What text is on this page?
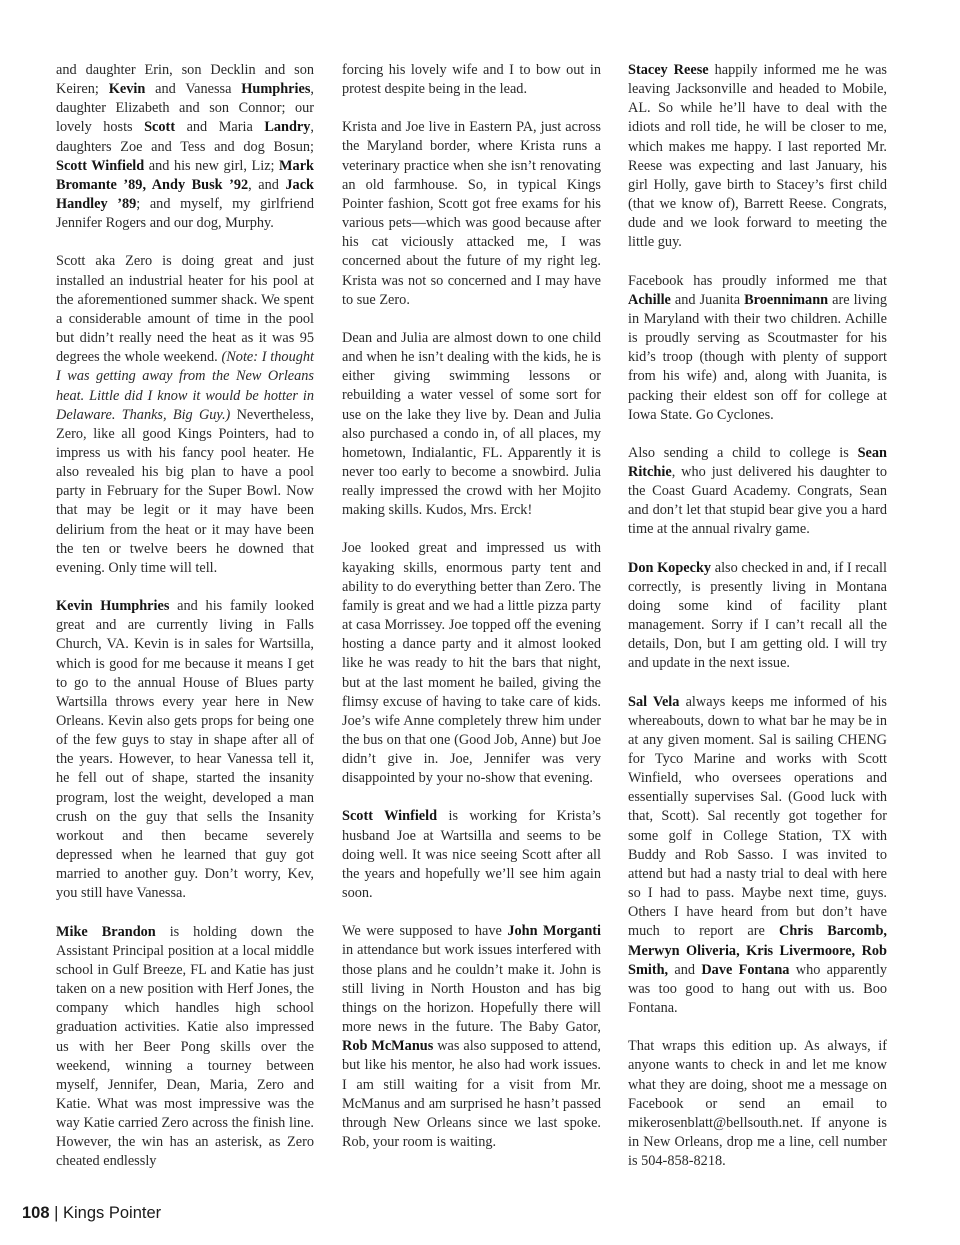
and daughter Erin, son Decklin and son Keiren; Kevin and Vanessa Humphries, daughter Elizabeth and son Connor; our lovely hosts Scott and Maria Landry, daughters Zoe and Tess and dog Bosun; Scott Winfield and his new girl, Liz; Mark Bromante ’89, Andy Busk ’92, and Jack Handley ’89; and myself, my girlfriend Jennifer Rogers and our dog, Murphy.

Scott aka Zero is doing great and just installed an industrial heater for his pool at the aforementioned summer shack. We spent a considerable amount of time in the pool but didn’t really need the heat as it was 95 degrees the whole weekend. (Note: I thought I was getting away from the New Orleans heat. Little did I know it would be hotter in Delaware. Thanks, Big Guy.) Nevertheless, Zero, like all good Kings Pointers, had to impress us with his fancy pool heater. He also revealed his big plan to have a pool party in February for the Super Bowl. Now that may be legit or it may have been delirium from the heat or it may have been the ten or twelve beers he downed that evening. Only time will tell.

Kevin Humphries and his family looked great and are currently living in Falls Church, VA. Kevin is in sales for Wartsilla, which is good for me because it means I get to go to the annual House of Blues party Wartsilla throws every year here in New Orleans. Kevin also gets props for being one of the few guys to stay in shape after all of the years. However, to hear Vanessa tell it, he fell out of shape, started the insanity program, lost the weight, developed a man crush on the guy that sells the Insanity workout and then became severely depressed when he learned that guy got married to another guy. Don’t worry, Kev, you still have Vanessa.

Mike Brandon is holding down the Assistant Principal position at a local middle school in Gulf Breeze, FL and Katie has just taken on a new position with Herf Jones, the company which handles high school graduation activities. Katie also impressed us with her Beer Pong skills over the weekend, winning a tourney between myself, Jennifer, Dean, Maria, Zero and Katie. What was most impressive was the way Katie carried Zero across the finish line. However, the win has an asterisk, as Zero cheated endlessly

forcing his lovely wife and I to bow out in protest despite being in the lead.

Krista and Joe live in Eastern PA, just across the Maryland border, where Krista runs a veterinary practice when she isn’t renovating an old farmhouse. So, in typical Kings Pointer fashion, Scott got free exams for his various pets—which was good because after his cat viciously attacked me, I was concerned about the future of my right leg. Krista was not so concerned and I may have to sue Zero.

Dean and Julia are almost down to one child and when he isn’t dealing with the kids, he is either giving swimming lessons or rebuilding a water vessel of some sort for use on the lake they live by. Dean and Julia also purchased a condo in, of all places, my hometown, Indialantic, FL. Apparently it is never too early to become a snowbird. Julia really impressed the crowd with her Mojito making skills. Kudos, Mrs. Erck!

Joe looked great and impressed us with kayaking skills, enormous party tent and ability to do everything better than Zero. The family is great and we had a little pizza party at casa Morrissey. Joe topped off the evening hosting a dance party and it almost looked like he was ready to hit the bars that night, but at the last moment he bailed, giving the flimsy excuse of having to take care of kids. Joe’s wife Anne completely threw him under the bus on that one (Good Job, Anne) but Joe didn’t give in. Joe, Jennifer was very disappointed by your no-show that evening.

Scott Winfield is working for Krista’s husband Joe at Wartsilla and seems to be doing well. It was nice seeing Scott after all the years and hopefully we’ll see him again soon.

We were supposed to have John Morganti in attendance but work issues interfered with those plans and he couldn’t make it. John is still living in North Houston and has big things on the horizon. Hopefully there will more news in the future. The Baby Gator, Rob McManus was also supposed to attend, but like his mentor, he also had work issues. I am still waiting for a visit from Mr. McManus and am surprised he hasn’t passed through New Orleans since we last spoke. Rob, your room is waiting.

Stacey Reese happily informed me he was leaving Jacksonville and headed to Mobile, AL. So while he’ll have to deal with the idiots and roll tide, he will be closer to me, which makes me happy. I last reported Mr. Reese was expecting and last January, his girl Holly, gave birth to Stacey’s first child (that we know of), Barrett Reese. Congrats, dude and we look forward to meeting the little guy.

Facebook has proudly informed me that Achille and Juanita Broennimann are living in Maryland with their two children. Achille is proudly serving as Scoutmaster for his kid’s troop (though with plenty of support from his wife) and, along with Juanita, is packing their eldest son off for college at Iowa State. Go Cyclones.

Also sending a child to college is Sean Ritchie, who just delivered his daughter to the Coast Guard Academy. Congrats, Sean and don’t let that stupid bear give you a hard time at the annual rivalry game.

Don Kopecky also checked in and, if I recall correctly, is presently living in Montana doing some kind of facility plant management. Sorry if I can’t recall all the details, Don, but I am getting old. I will try and update in the next issue.

Sal Vela always keeps me informed of his whereabouts, down to what bar he may be in at any given moment. Sal is sailing CHENG for Tyco Marine and works with Scott Winfield, who oversees operations and essentially supervises Sal. (Good luck with that, Scott). Sal recently got together for some golf in College Station, TX with Buddy and Rob Sasso. I was invited to attend but had a nasty trial to deal with here so I had to pass. Maybe next time, guys. Others I have heard from but don’t have much to report are Chris Barcomb, Merwyn Oliveria, Kris Livermoore, Rob Smith, and Dave Fontana who apparently was too good to hang out with us. Boo Fontana.

That wraps this edition up. As always, if anyone wants to check in and let me know what they are doing, shoot me a message on Facebook or send an email to mikerosenblatt@bellsouth.net. If anyone is in New Orleans, drop me a line, cell number is 504-858-8218.

108 | Kings Pointer
